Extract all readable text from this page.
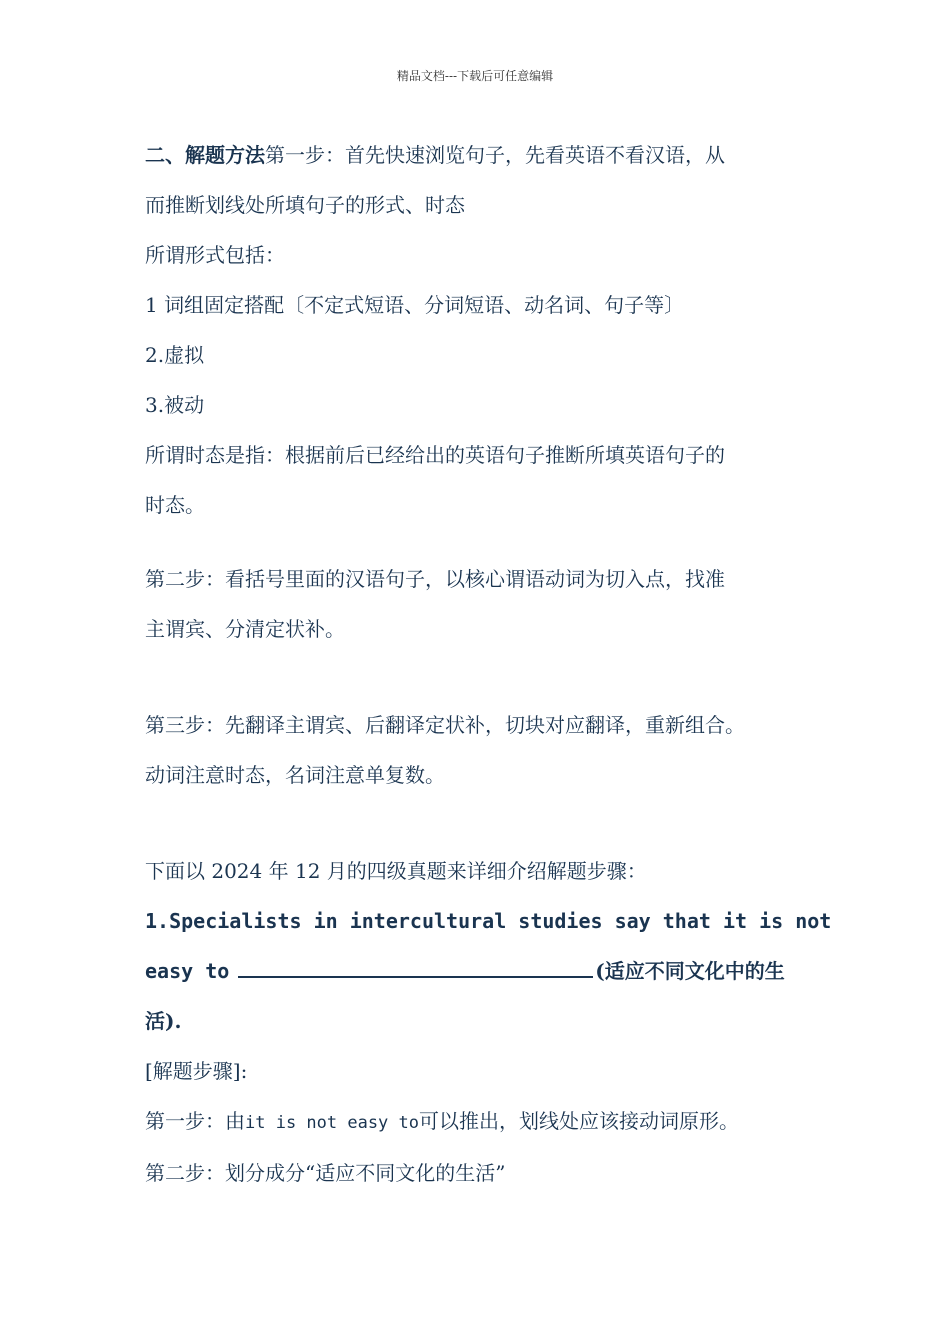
精品文档---下载后可任意编辑

二、解题方法第一步：首先快速浏览句子，先看英语不看汉语，从

而推断划线处所填句子的形式、时态

所谓形式包括：

1 词组固定搭配〔不定式短语、分词短语、动名词、句子等〕

2.虚拟

3.被动

所谓时态是指：根据前后已经给出的英语句子推断所填英语句子的

时态。

第二步：看括号里面的汉语句子，以核心谓语动词为切入点，找准

主谓宾、分清定状补。

第三步：先翻译主谓宾、后翻译定状补，切块对应翻译，重新组合。

动词注意时态，名词注意单复数。

下面以 2024 年 12 月的四级真题来详细介绍解题步骤：

1.Specialists in intercultural studies say that it is not

easy to	(适应不同文化中的生

活).

[解题步骤]:

第一步：由it is not easy to可以推出，划线处应该接动词原形。

第二步：划分成分“适应不同文化的生活”
